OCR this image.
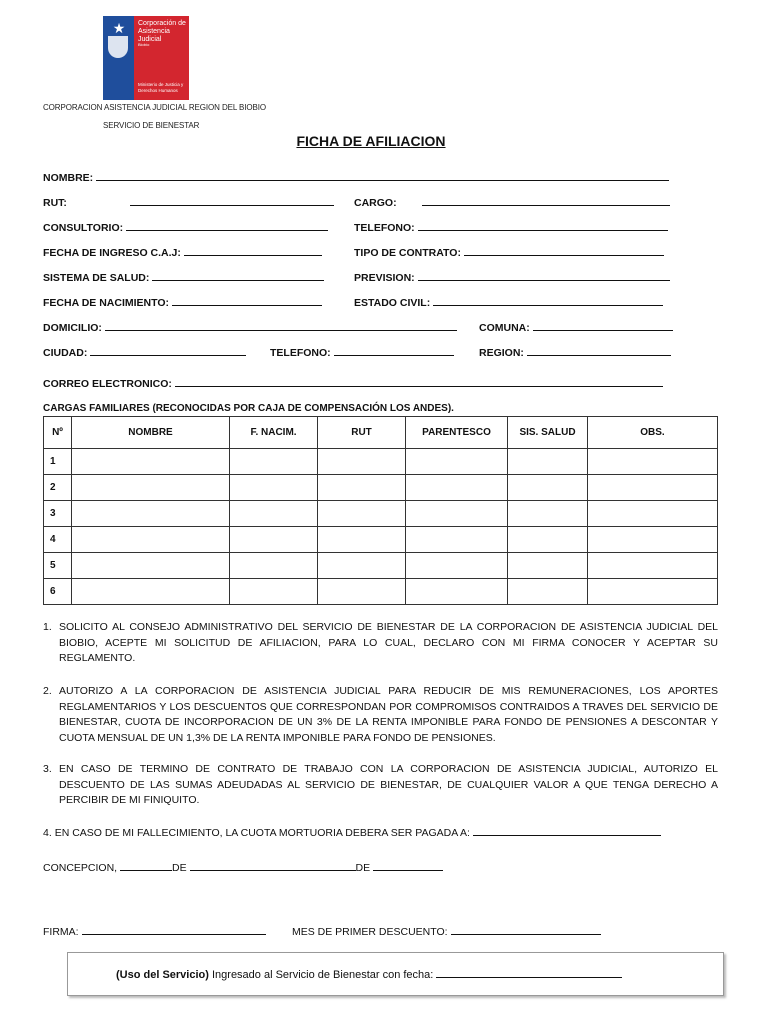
★	Corporación de Asistencia Judicial
Biobío
Ministerio de Justicia y Derechos Humanos
CORPORACION ASISTENCIA JUDICIAL REGION DEL BIOBIO
SERVICIO DE BIENESTAR
FICHA DE AFILIACION
NOMBRE:
RUT:	CARGO:
CONSULTORIO:	TELEFONO:
FECHA DE INGRESO C.A.J:	TIPO DE CONTRATO:
SISTEMA DE SALUD:	PREVISION:
FECHA DE NACIMIENTO:	ESTADO CIVIL:
DOMICILIO:	COMUNA:
CIUDAD:	TELEFONO:	REGION:
CORREO ELECTRONICO:
CARGAS FAMILIARES (RECONOCIDAS POR CAJA DE COMPENSACIÓN LOS ANDES).
Nº	NOMBRE	F. NACIM.	RUT	PARENTESCO	SIS. SALUD	OBS.
1						
2						
3						
4						
5						
6						
1. SOLICITO AL CONSEJO ADMINISTRATIVO DEL SERVICIO DE BIENESTAR DE LA CORPORACION DE ASISTENCIA JUDICIAL DEL BIOBIO, ACEPTE MI SOLICITUD DE AFILIACION, PARA LO CUAL, DECLARO CON MI FIRMA CONOCER Y ACEPTAR SU REGLAMENTO.
2. AUTORIZO A LA CORPORACION DE ASISTENCIA JUDICIAL PARA REDUCIR DE MIS REMUNERACIONES, LOS APORTES REGLAMENTARIOS Y LOS DESCUENTOS QUE CORRESPONDAN POR COMPROMISOS CONTRAIDOS A TRAVES DEL SERVICIO DE BIENESTAR, CUOTA DE INCORPORACION DE UN 3% DE LA RENTA IMPONIBLE PARA FONDO DE PENSIONES A DESCONTAR Y CUOTA MENSUAL DE UN 1,3% DE LA RENTA IMPONIBLE PARA FONDO DE PENSIONES.
3. EN CASO DE TERMINO DE CONTRATO DE TRABAJO CON LA CORPORACION DE ASISTENCIA JUDICIAL, AUTORIZO EL DESCUENTO DE LAS SUMAS ADEUDADAS AL SERVICIO DE BIENESTAR, DE CUALQUIER VALOR A QUE TENGA DERECHO A PERCIBIR DE MI FINIQUITO.
4. EN CASO DE MI FALLECIMIENTO, LA CUOTA MORTUORIA DEBERA SER PAGADA A:
CONCEPCION,	DE	DE
FIRMA:	MES DE PRIMER DESCUENTO:
(Uso del Servicio) Ingresado al Servicio de Bienestar con fecha:
